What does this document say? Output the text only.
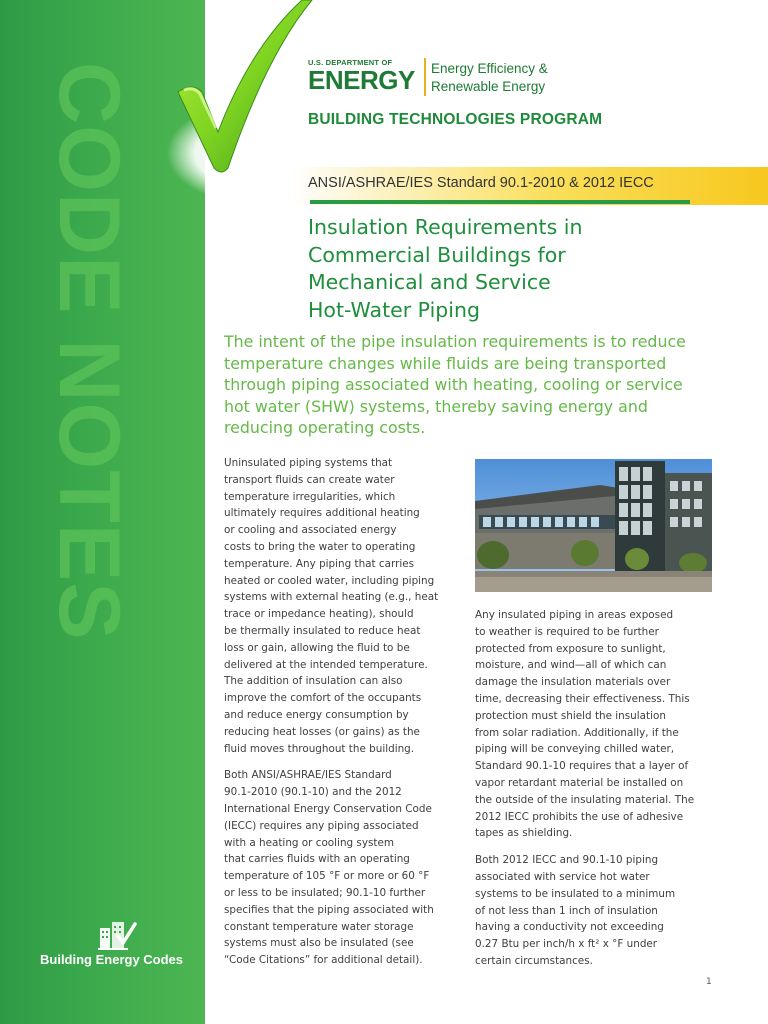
CODE NOTES
Building Energy Codes
U.S. DEPARTMENT OF
ENERGY Energy Efficiency &
Renewable Energy
BUILDING TECHNOLOGIES PROGRAM
ANSI/ASHRAE/IES Standard 90.1-2010 & 2012 IECC
Insulation Requirements in
Commercial Buildings for
Mechanical and Service
Hot-Water Piping
The intent of the pipe insulation requirements is to reduce
temperature changes while fluids are being transported
through piping associated with heating, cooling or service
hot water (SHW) systems, thereby saving energy and
reducing operating costs.
Uninsulated piping systems that
transport fluids can create water
temperature irregularities, which
ultimately requires additional heating
or cooling and associated energy
costs to bring the water to operating
temperature. Any piping that carries
heated or cooled water, including piping
systems with external heating (e.g., heat
trace or impedance heating), should
be thermally insulated to reduce heat
loss or gain, allowing the fluid to be
delivered at the intended temperature.
The addition of insulation can also
improve the comfort of the occupants
and reduce energy consumption by
reducing heat losses (or gains) as the
fluid moves throughout the building.
Both ANSI/ASHRAE/IES Standard
90.1-2010 (90.1-10) and the 2012
International Energy Conservation Code
(IECC) requires any piping associated
with a heating or cooling system
that carries fluids with an operating
temperature of 105 °F or more or 60 °F
or less to be insulated; 90.1-10 further
specifies that the piping associated with
constant temperature water storage
systems must also be insulated (see
“Code Citations” for additional detail).
Any insulated piping in areas exposed
to weather is required to be further
protected from exposure to sunlight,
moisture, and wind—all of which can
damage the insulation materials over
time, decreasing their effectiveness. This
protection must shield the insulation
from solar radiation. Additionally, if the
piping will be conveying chilled water,
Standard 90.1-10 requires that a layer of
vapor retardant material be installed on
the outside of the insulating material. The
2012 IECC prohibits the use of adhesive
tapes as shielding.
Both 2012 IECC and 90.1-10 piping
associated with service hot water
systems to be insulated to a minimum
of not less than 1 inch of insulation
having a conductivity not exceeding
0.27 Btu per inch/h x ft² x °F under
certain circumstances.
1
